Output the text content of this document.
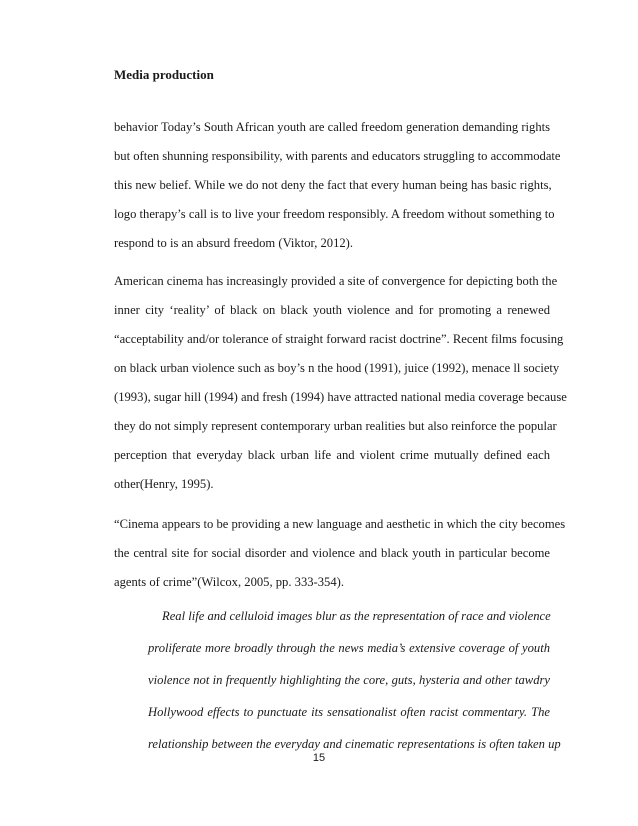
Media production
behavior Today’s South African youth are called freedom generation demanding rights
but often shunning responsibility, with parents and educators struggling to accommodate
this new belief. While we do not deny the fact that every human being has basic rights,
logo therapy’s call is to live your freedom responsibly. A freedom without something to
respond to is an absurd freedom (Viktor, 2012).
American cinema has increasingly provided a site of convergence for depicting both the
inner city ‘reality’ of black on black youth violence and for promoting a renewed
“acceptability and/or tolerance of straight forward racist doctrine”. Recent films focusing
on black urban violence such as boy’s n the hood (1991), juice (1992), menace ll society
(1993), sugar hill (1994) and fresh (1994) have attracted national media coverage because
they do not simply represent contemporary urban realities but also reinforce the popular
perception that everyday black urban life and violent crime mutually defined each
other(Henry, 1995).
“Cinema appears to be providing a new language and aesthetic in which the city becomes
the central site for social disorder and violence and black youth in particular become
agents of crime”(Wilcox, 2005, pp. 333-354).
Real life and celluloid images blur as the representation of race and violence
proliferate more broadly through the news media’s extensive coverage of youth
violence not in frequently highlighting the core, guts, hysteria and other tawdry
Hollywood effects to punctuate its sensationalist often racist commentary. The
relationship between the everyday and cinematic representations is often taken up

15
